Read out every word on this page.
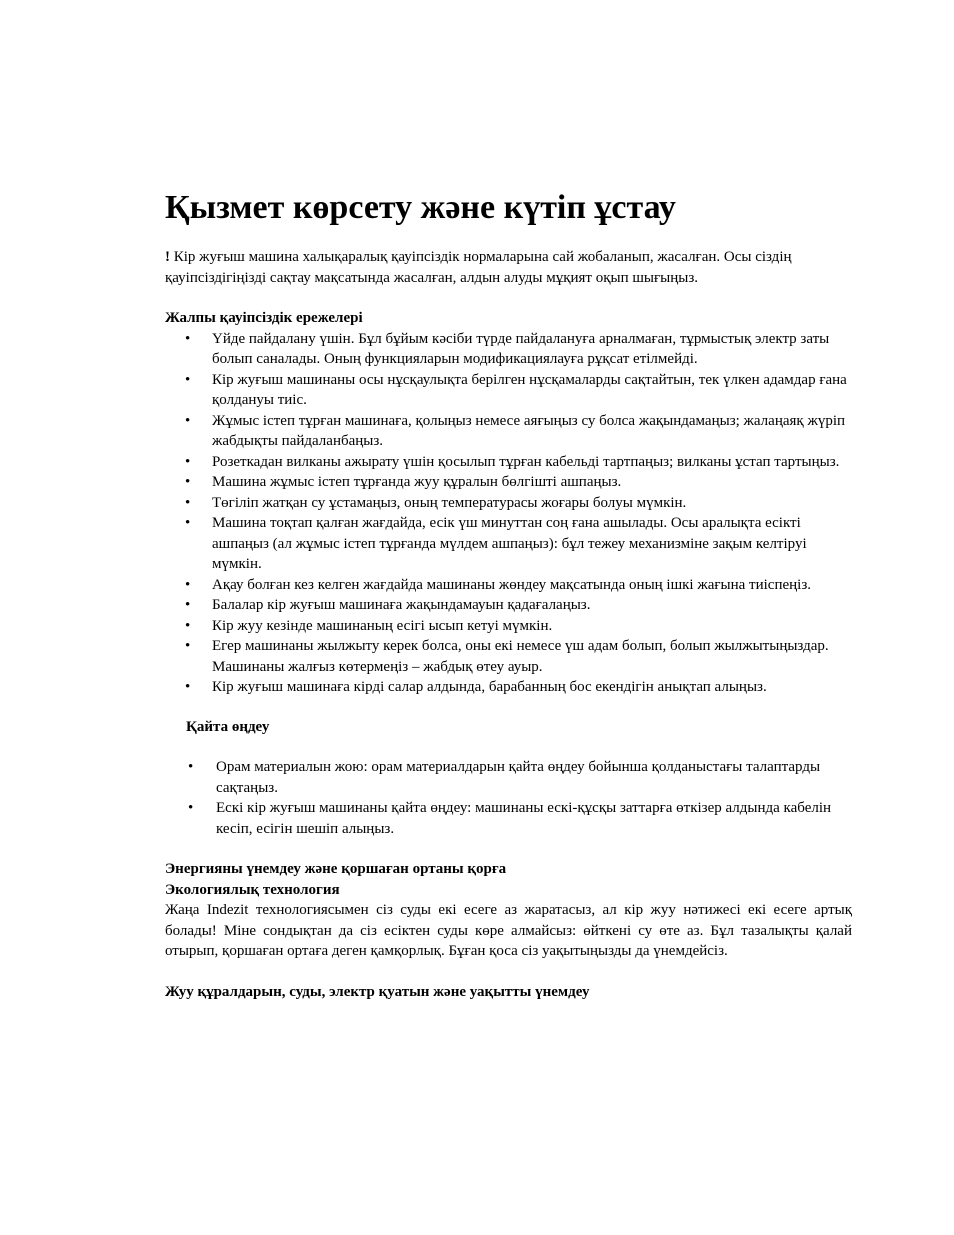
Қызмет көрсету және күтіп ұстау

! Кір жуғыш машина халықаралық қауіпсіздік нормаларына сай жобаланып, жасалған. Осы сіздің қауіпсіздігіңізді сақтау мақсатында жасалған, алдын алуды мұқият оқып шығыңыз.

Жалпы қауіпсіздік ережелері

• Үйде пайдалану үшін. Бұл бұйым кәсіби түрде пайдалануға арналмаған, тұрмыстық электр заты болып саналады. Оның функцияларын модификациялауға рұқсат етілмейді.
• Кір жуғыш машинаны осы нұсқаулықта берілген нұсқамаларды сақтайтын, тек үлкен адамдар ғана қолдануы тиіс.
• Жұмыс істеп тұрған машинаға, қолыңыз немесе аяғыңыз су болса жақындамаңыз; жалаңаяқ жүріп жабдықты пайдаланбаңыз.
• Розеткадан вилканы ажырату үшін қосылып тұрған кабельді тартпаңыз; вилканы ұстап тартыңыз.
• Машина жұмыс істеп тұрғанда жуу құралын бөлгішті ашпаңыз.
• Төгіліп жатқан су ұстамаңыз, оның температурасы жоғары болуы мүмкін.
• Машина тоқтап қалған жағдайда, есік үш минуттан соң ғана ашылады. Осы аралықта есікті ашпаңыз (ал жұмыс істеп тұрғанда мүлдем ашпаңыз): бұл тежеу механизміне зақым келтіруі мүмкін.
• Ақау болған кез келген жағдайда машинаны жөндеу мақсатында оның ішкі жағына тиіспеңіз.
• Балалар кір жуғыш машинаға жақындамауын қадағалаңыз.
• Кір жуу кезінде машинаның есігі ысып кетуі мүмкін.
• Егер машинаны жылжыту керек болса, оны екі немесе үш адам болып, болып жылжытыңыздар. Машинаны жалғыз көтермеңіз – жабдық өтеу ауыр.
• Кір жуғыш машинаға кірді салар алдында, барабанның бос екендігін анықтап алыңыз.

Қайта өңдеу

• Орам материалын жою: орам материалдарын қайта өңдеу бойынша қолданыстағы талаптарды сақтаңыз.
• Ескі кір жуғыш машинаны қайта өңдеу: машинаны ескі-құсқы заттарға өткізер алдында кабелін кесіп, есігін шешіп алыңыз.

Энергияны үнемдеу және қоршаған ортаны қорға

Экологиялық технология

Жаңа Indezit технологиясымен сіз суды екі есеге аз жаратасыз, ал кір жуу нәтижесі екі есеге артық болады! Міне сондықтан да сіз есіктен суды көре алмайсыз: өйткені су өте аз. Бұл тазалықты қалай отырып, қоршаған ортаға деген қамқорлық. Бұған қоса сіз уақытыңызды да үнемдейсіз.

Жуу құралдарын, суды, электр қуатын және уақытты үнемдеу
